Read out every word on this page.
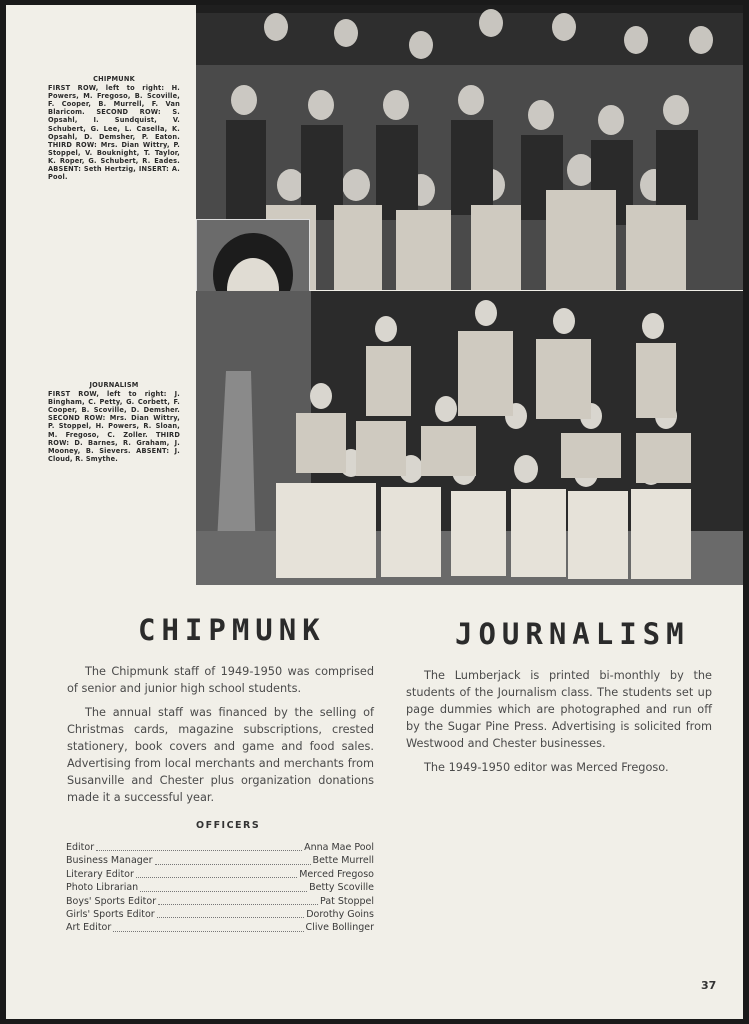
CHIPMUNK
FIRST ROW, left to right: H. Powers, M. Fregoso, B. Scoville, F. Cooper, B. Murrell, F. Van Blaricom. SECOND ROW: S. Opsahl, I. Sundquist, V. Schubert, G. Lee, L. Casella, K. Opsahl, D. Demsher, P. Eaton. THIRD ROW: Mrs. Dian Wittry, P. Stoppel, V. Bouknight, T. Taylor, K. Roper, G. Schubert, R. Eades. ABSENT: Seth Hertzig, INSERT: A. Pool.
JOURNALISM
FIRST ROW, left to right: J. Bingham, C. Petty, G. Corbett, F. Cooper, B. Scoville, D. Demsher. SECOND ROW: Mrs. Dian Wittry, P. Stoppel, H. Powers, R. Sloan, M. Fregoso, C. Zoller. THIRD ROW: D. Barnes, R. Graham, J. Mooney, B. Sievers. ABSENT: J. Cloud, R. Smythe.
CHIPMUNK	JOURNALISM

The Chipmunk staff of 1949-1950 was comprised of senior and junior high school students.

The annual staff was financed by the selling of Christmas cards, magazine subscriptions, crested stationery, book covers and game and food sales. Advertising from local merchants and merchants from Susanville and Chester plus organization donations made it a successful year.

The Lumberjack is printed bi-monthly by the students of the Journalism class. The students set up page dummies which are photographed and run off by the Sugar Pine Press. Advertising is solicited from Westwood and Chester businesses.

The 1949-1950 editor was Merced Fregoso.

OFFICERS
Editor	Anna Mae Pool
Business Manager	Bette Murrell
Literary Editor	Merced Fregoso
Photo Librarian	Betty Scoville
Boys' Sports Editor	Pat Stoppel
Girls' Sports Editor	Dorothy Goins
Art Editor	Clive Bollinger
37
